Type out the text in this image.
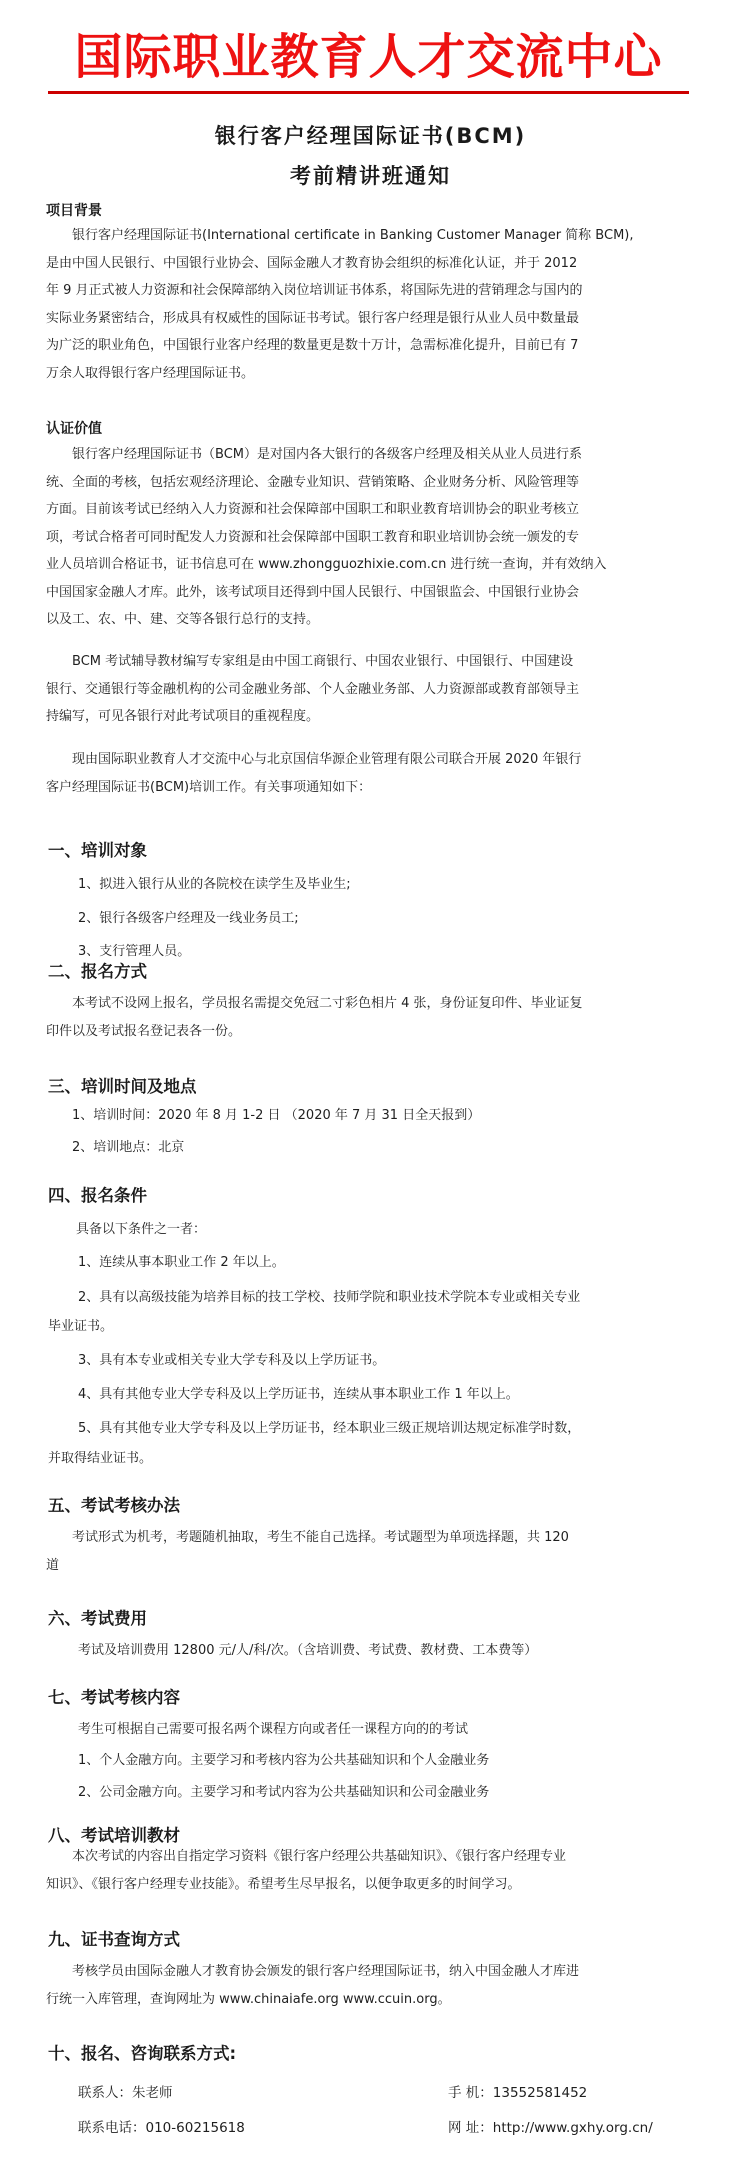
国际职业教育人才交流中心
银行客户经理国际证书(BCM)
考前精讲班通知
项目背景
银行客户经理国际证书(International certificate in Banking Customer Manager 简称 BCM),
是由中国人民银行、中国银行业协会、国际金融人才教育协会组织的标准化认证，并于 2012
年 9 月正式被人力资源和社会保障部纳入岗位培训证书体系，将国际先进的营销理念与国内的
实际业务紧密结合，形成具有权威性的国际证书考试。银行客户经理是银行从业人员中数量最
为广泛的职业角色，中国银行业客户经理的数量更是数十万计，急需标准化提升，目前已有 7
万余人取得银行客户经理国际证书。
认证价值
银行客户经理国际证书（BCM）是对国内各大银行的各级客户经理及相关从业人员进行系
统、全面的考核，包括宏观经济理论、金融专业知识、营销策略、企业财务分析、风险管理等
方面。目前该考试已经纳入人力资源和社会保障部中国职工和职业教育培训协会的职业考核立
项，考试合格者可同时配发人力资源和社会保障部中国职工教育和职业培训协会统一颁发的专
业人员培训合格证书，证书信息可在 www.zhongguozhixie.com.cn 进行统一查询，并有效纳入
中国国家金融人才库。此外，该考试项目还得到中国人民银行、中国银监会、中国银行业协会
以及工、农、中、建、交等各银行总行的支持。
BCM 考试辅导教材编写专家组是由中国工商银行、中国农业银行、中国银行、中国建设
银行、交通银行等金融机构的公司金融业务部、个人金融业务部、人力资源部或教育部领导主
持编写，可见各银行对此考试项目的重视程度。
现由国际职业教育人才交流中心与北京国信华源企业管理有限公司联合开展 2020 年银行
客户经理国际证书(BCM)培训工作。有关事项通知如下：
一、培训对象
1、拟进入银行从业的各院校在读学生及毕业生;
2、银行各级客户经理及一线业务员工;
3、支行管理人员。
二、报名方式
本考试不设网上报名，学员报名需提交免冠二寸彩色相片 4 张，身份证复印件、毕业证复
印件以及考试报名登记表各一份。
三、培训时间及地点
1、培训时间：2020 年 8 月 1-2 日 （2020 年 7 月 31 日全天报到）
2、培训地点：北京
四、报名条件
具备以下条件之一者：
1、连续从事本职业工作 2 年以上。
2、具有以高级技能为培养目标的技工学校、技师学院和职业技术学院本专业或相关专业
毕业证书。
3、具有本专业或相关专业大学专科及以上学历证书。
4、具有其他专业大学专科及以上学历证书，连续从事本职业工作 1 年以上。
5、具有其他专业大学专科及以上学历证书，经本职业三级正规培训达规定标准学时数，
并取得结业证书。
五、考试考核办法
考试形式为机考，考题随机抽取，考生不能自己选择。考试题型为单项选择题，共 120
道
六、考试费用
考试及培训费用 12800 元/人/科/次。（含培训费、考试费、教材费、工本费等）
七、考试考核内容
考生可根据自己需要可报名两个课程方向或者任一课程方向的的考试
1、个人金融方向。主要学习和考核内容为公共基础知识和个人金融业务
2、公司金融方向。主要学习和考试内容为公共基础知识和公司金融业务
八、考试培训教材
本次考试的内容出自指定学习资料《银行客户经理公共基础知识》、《银行客户经理专业
知识》、《银行客户经理专业技能》。希望考生尽早报名，以便争取更多的时间学习。
九、证书查询方式
考核学员由国际金融人才教育协会颁发的银行客户经理国际证书，纳入中国金融人才库进
行统一入库管理，查询网址为 www.chinaiafe.org www.ccuin.org。
十、报名、咨询联系方式:
联系人：朱老师	手 机：13552581452
联系电话：010-60215618	网 址：http://www.gxhy.org.cn/
